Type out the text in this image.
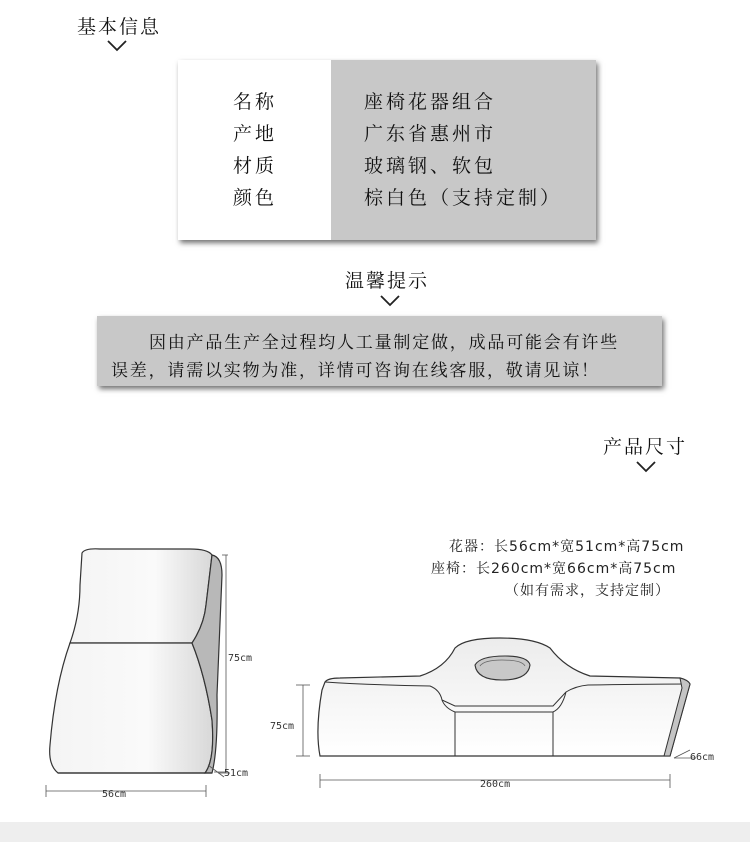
基本信息
名称	座椅花器组合
产地	广东省惠州市
材质	玻璃钢、软包
颜色	棕白色（支持定制）
温馨提示
因由产品生产全过程均人工量制定做，成品可能会有许些
误差，请需以实物为准，详情可咨询在线客服，敬请见谅！
产品尺寸
花器：长56cm*宽51cm*高75cm
座椅：长260cm*宽66cm*高75cm
（如有需求，支持定制）
75cm
56cm
51cm
75cm
260cm
66cm
